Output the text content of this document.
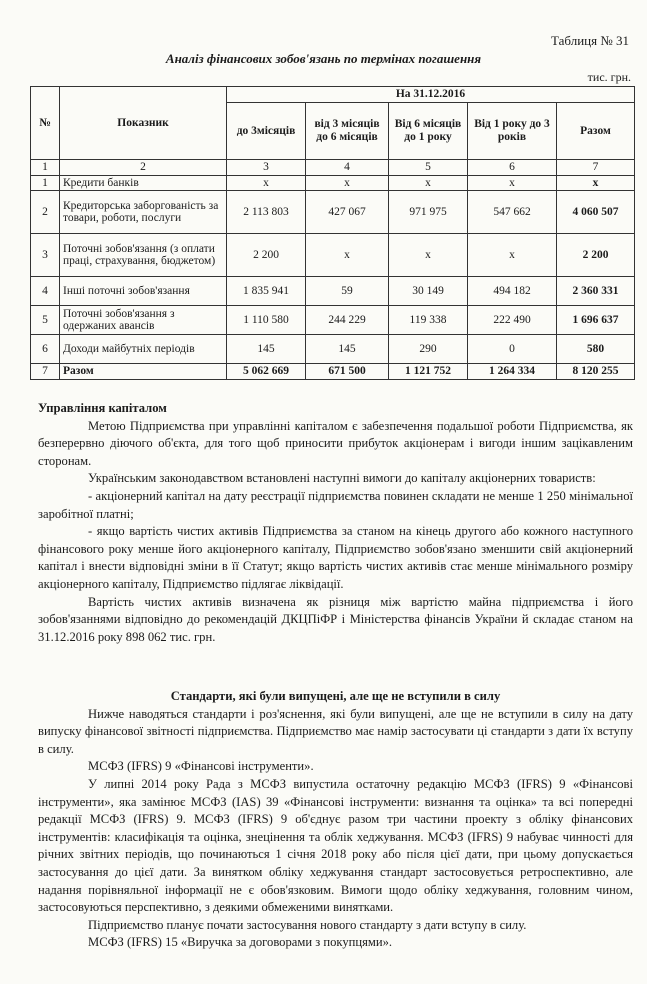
Таблиця № 31
Аналіз фінансових зобов'язань по термінах погашення
тис. грн.
№	Показник	На 31.12.2016				
		до 3місяців	від 3 місяців до 6 місяців	Від 6 місяців до 1 року	Від 1 року до 3 років	Разом
1	2	3	4	5	6	7
1	Кредити банків	x	x	x	x	x
2	Кредиторська заборгованість за товари, роботи, послуги	2 113 803	427 067	971 975	547 662	4 060 507
3	Поточні зобов'язання (з оплати праці, страхування, бюджетом)	2 200	x	x	x	2 200
4	Інші поточні зобов'язання	1 835 941	59	30 149	494 182	2 360 331
5	Поточні зобов'язання з одержаних авансів	1 110 580	244 229	119 338	222 490	1 696 637
6	Доходи майбутніх періодів	145	145	290	0	580
7	Разом	5 062 669	671 500	1 121 752	1 264 334	8 120 255

Управління капіталом

Метою Підприємства при управлінні капіталом є забезпечення подальшої роботи Підприємства, як безперервно діючого об'єкта, для того щоб приносити прибуток акціонерам і вигоди іншим зацікавленим сторонам.

Українським законодавством встановлені наступні вимоги до капіталу акціонерних товариств:

- акціонерний капітал на дату реєстрації підприємства повинен складати не менше 1 250 мінімальної заробітної платні;

- якщо вартість чистих активів Підприємства за станом на кінець другого або кожного наступного фінансового року менше його акціонерного капіталу, Підприємство зобов'язано зменшити свій акціонерний капітал і внести відповідні зміни в її Статут; якщо вартість чистих активів стає менше мінімального розміру акціонерного капіталу, Підприємство підлягає ліквідації.

Вартість чистих активів визначена як різниця між вартістю майна підприємства і його зобов'язаннями відповідно до рекомендацій ДКЦПіФР і Міністерства фінансів України й складає станом на 31.12.2016 року 898 062 тис. грн.

Стандарти, які були випущені, але ще не вступили в силу

Нижче наводяться стандарти і роз'яснення, які були випущені, але ще не вступили в силу на дату випуску фінансової звітності підприємства. Підприємство має намір застосувати ці стандарти з дати їх вступу в силу.

МСФЗ (IFRS) 9 «Фінансові інструменти».

У липні 2014 року Рада з МСФЗ випустила остаточну редакцію МСФЗ (IFRS) 9 «Фінансові інструменти», яка замінює МСФЗ (IAS) 39 «Фінансові інструменти: визнання та оцінка» та всі попередні редакції МСФЗ (IFRS) 9. МСФЗ (IFRS) 9 об'єднує разом три частини проекту з обліку фінансових інструментів: класифікація та оцінка, знецінення та облік хеджування. МСФЗ (IFRS) 9 набуває чинності для річних звітних періодів, що починаються 1 січня 2018 року або після цієї дати, при цьому допускається застосування до цієї дати. За винятком обліку хеджування стандарт застосовується ретроспективно, але надання порівняльної інформації не є обов'язковим. Вимоги щодо обліку хеджування, головним чином, застосовуються перспективно, з деякими обмеженими винятками.

Підприємство планує почати застосування нового стандарту з дати вступу в силу.

МСФЗ (IFRS) 15 «Виручка за договорами з покупцями».
